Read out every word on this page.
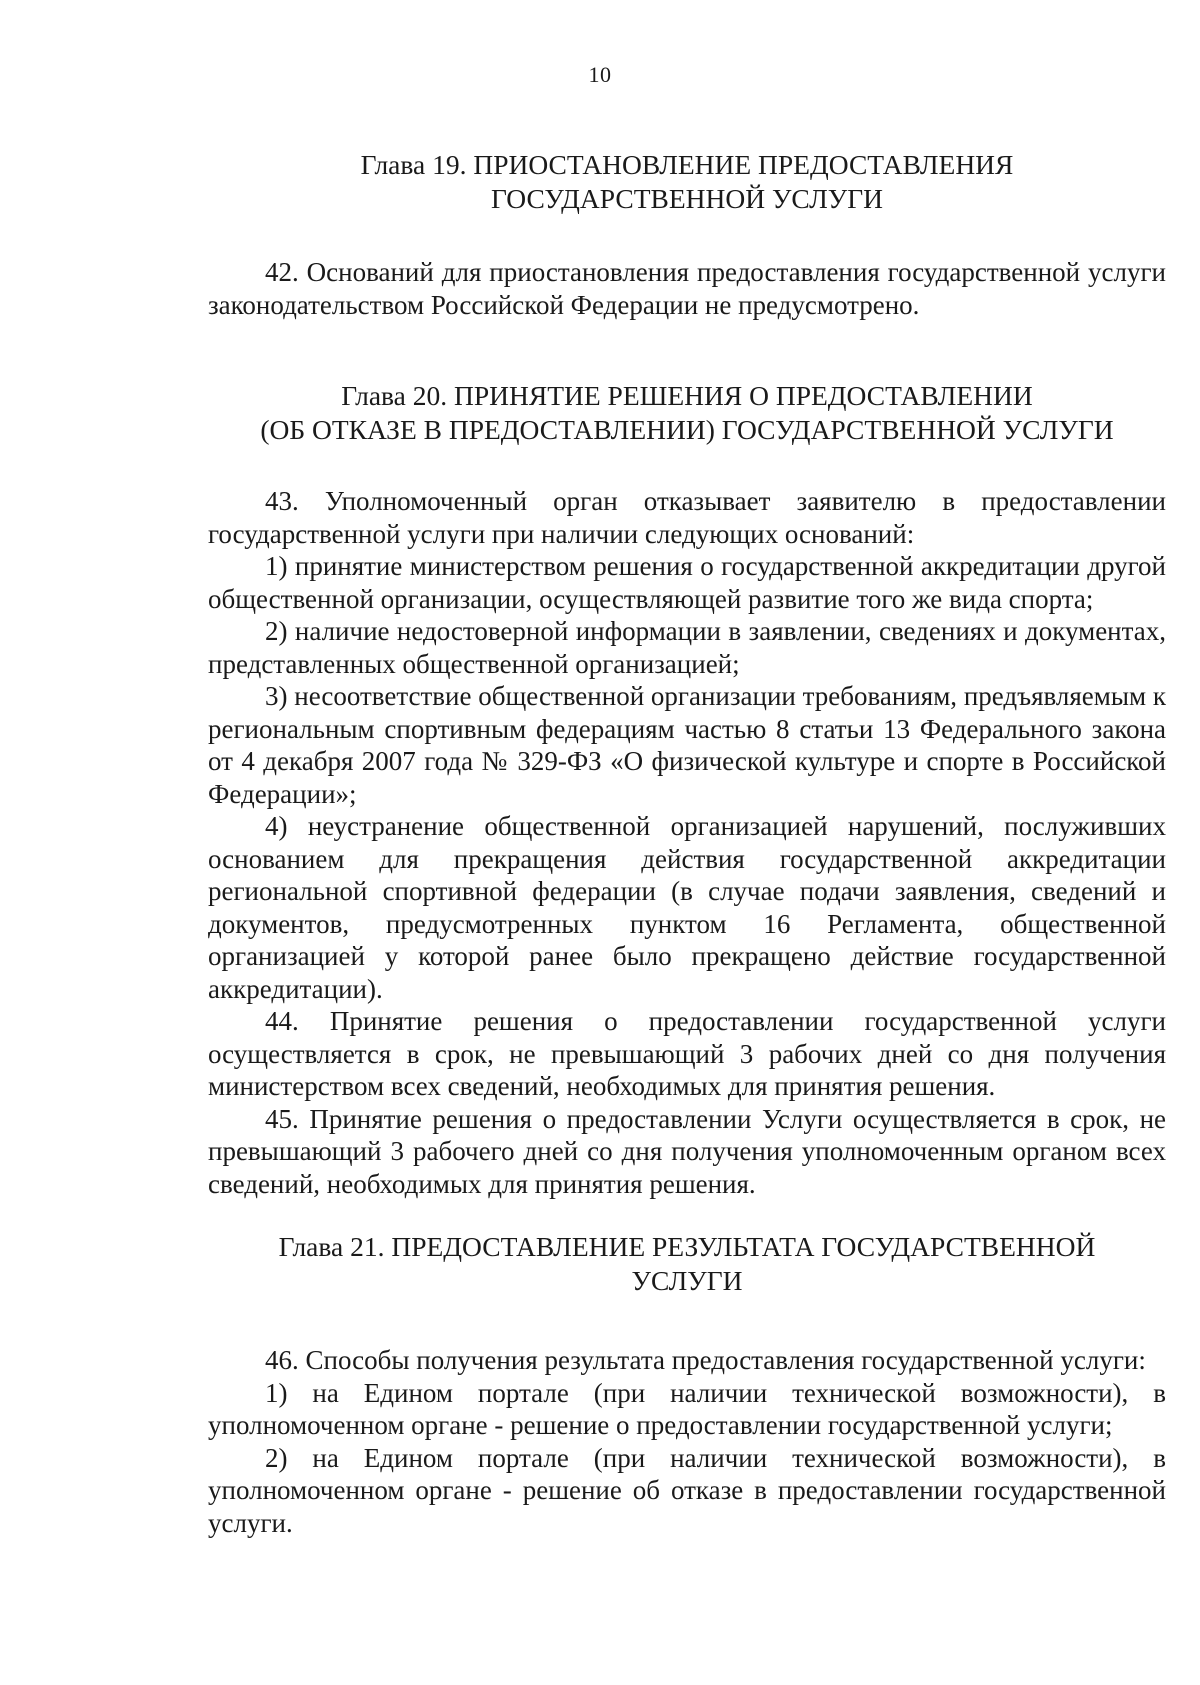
10
Глава 19. ПРИОСТАНОВЛЕНИЕ ПРЕДОСТАВЛЕНИЯ
ГОСУДАРСТВЕННОЙ УСЛУГИ

42. Оснований для приостановления предоставления государственной услуги законодательством Российской Федерации не предусмотрено.

Глава 20. ПРИНЯТИЕ РЕШЕНИЯ О ПРЕДОСТАВЛЕНИИ
(ОБ ОТКАЗЕ В ПРЕДОСТАВЛЕНИИ) ГОСУДАРСТВЕННОЙ УСЛУГИ

43. Уполномоченный орган отказывает заявителю в предоставлении государственной услуги при наличии следующих оснований:

1) принятие министерством решения о государственной аккредитации другой общественной организации, осуществляющей развитие того же вида спорта;

2) наличие недостоверной информации в заявлении, сведениях и документах, представленных общественной организацией;

3) несоответствие общественной организации требованиям, предъявляемым к региональным спортивным федерациям частью 8 статьи 13 Федерального закона от 4 декабря 2007 года № 329-ФЗ «О физической культуре и спорте в Российской Федерации»;

4) неустранение общественной организацией нарушений, послуживших основанием для прекращения действия государственной аккредитации региональной спортивной федерации (в случае подачи заявления, сведений и документов, предусмотренных пунктом 16 Регламента, общественной организацией у которой ранее было прекращено действие государственной аккредитации).

44. Принятие решения о предоставлении государственной услуги осуществляется в срок, не превышающий 3 рабочих дней со дня получения министерством всех сведений, необходимых для принятия решения.

45. Принятие решения о предоставлении Услуги осуществляется в срок, не превышающий 3 рабочего дней со дня получения уполномоченным органом всех сведений, необходимых для принятия решения.

Глава 21. ПРЕДОСТАВЛЕНИЕ РЕЗУЛЬТАТА ГОСУДАРСТВЕННОЙ
УСЛУГИ

46. Способы получения результата предоставления государственной услуги:

1) на Едином портале (при наличии технической возможности), в уполномоченном органе - решение о предоставлении государственной услуги;

2) на Едином портале (при наличии технической возможности), в уполномоченном органе - решение об отказе в предоставлении государственной услуги.
